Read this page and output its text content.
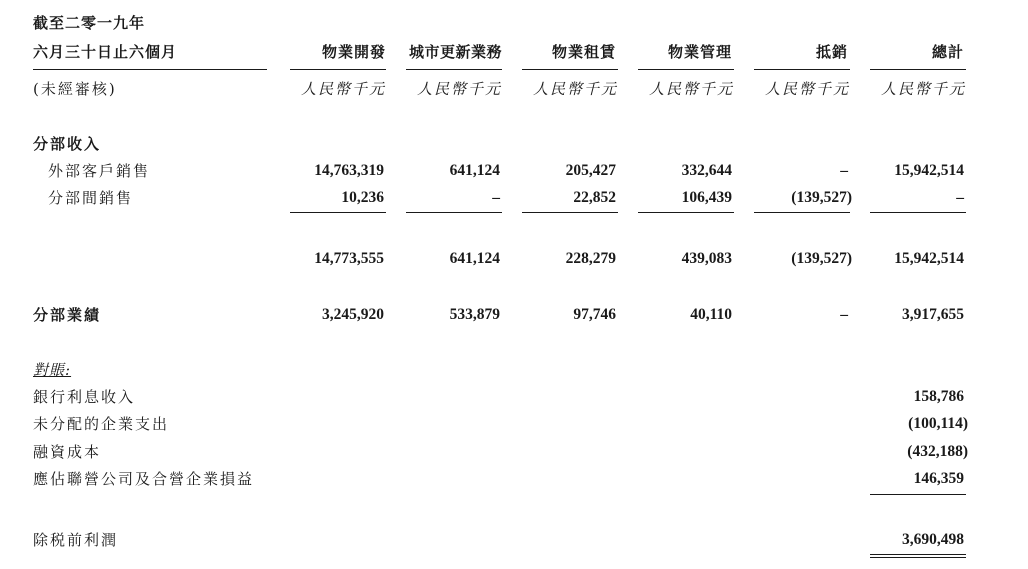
截至二零一九年
六月三十日止六個月
(未經審核)
物業開發	城市更新業務	物業租賃	物業管理	抵銷	總計
人民幣千元	人民幣千元	人民幣千元	人民幣千元	人民幣千元	人民幣千元
分部收入
外部客戶銷售	14,763,319	641,124	205,427	332,644	–	15,942,514
分部間銷售	10,236	–	22,852	106,439	(139,527)	–
14,773,555	641,124	228,279	439,083	(139,527)	15,942,514
分部業績	3,245,920	533,879	97,746	40,110	–	3,917,655
對賬:
銀行利息收入	158,786
未分配的企業支出	(100,114)
融資成本	(432,188)
應佔聯營公司及合營企業損益	146,359
除税前利潤	3,690,498
